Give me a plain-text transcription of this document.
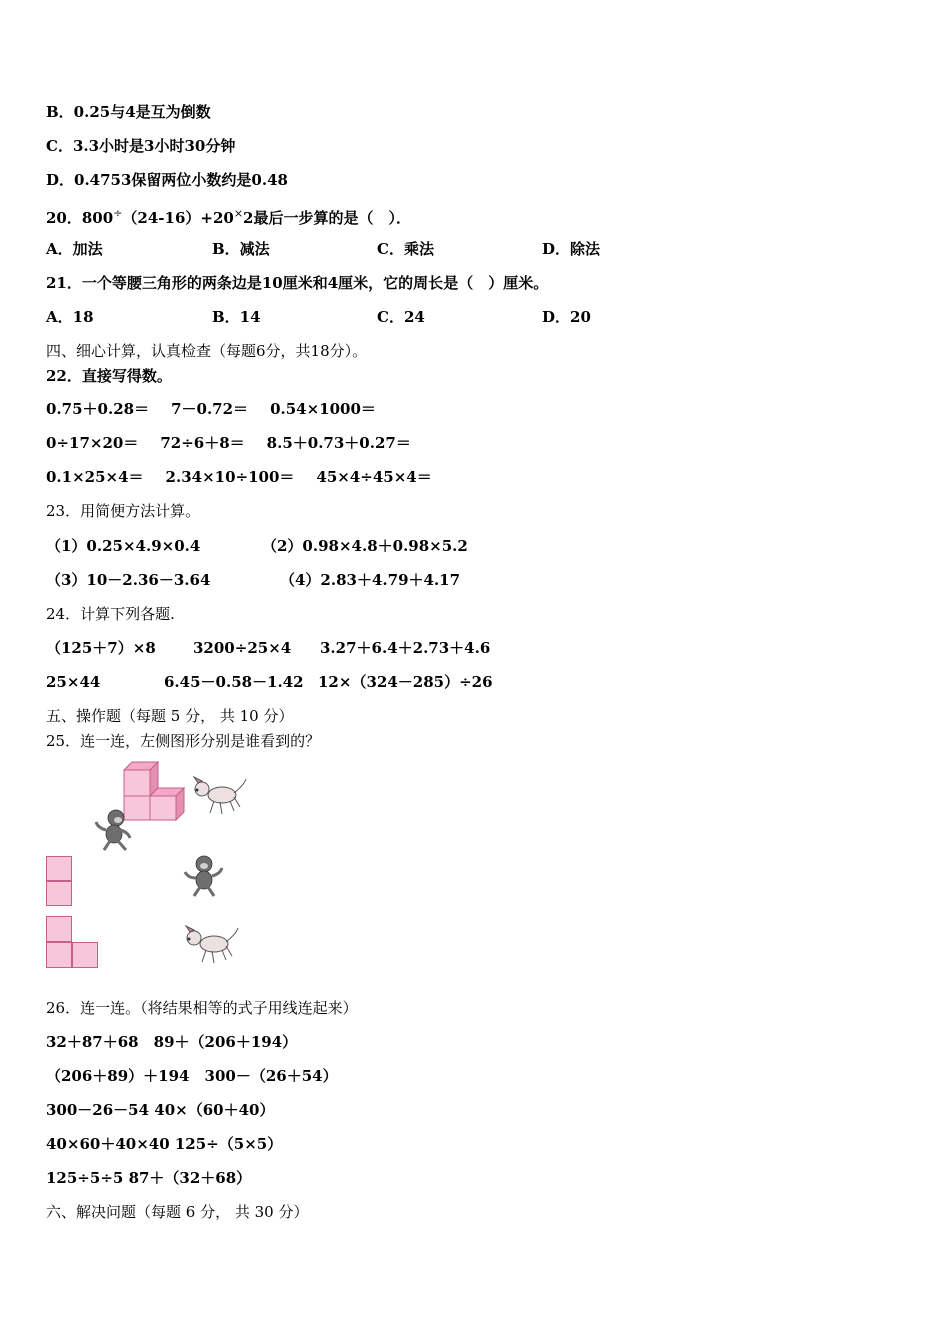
B．0.25与4是互为倒数
C．3.3小时是3小时30分钟
D．0.4753保留两位小数约是0.48
20．800÷（24-16）+20×2最后一步算的是（　）．
A．加法	B．减法	C．乘法	D．除法
21．一个等腰三角形的两条边是10厘米和4厘米，它的周长是（　）厘米。
A．18	B．14	C．24	D．20
四、细心计算，认真检查（每题6分，共18分）。
22．直接写得数。
0.75＋0.28＝ 7－0.72＝ 0.54×1000＝
0÷17×20＝ 72÷6＋8＝ 8.5＋0.73＋0.27＝
0.1×25×4＝ 2.34×10÷100＝ 45×4÷45×4＝
23．用简便方法计算。
（1）0.25×4.9×0.4	（2）0.98×4.8＋0.98×5.2
（3）10－2.36－3.64	（4）2.83＋4.79＋4.17
24．计算下列各题.
（125＋7）×8 3200÷25×4 3.27＋6.4＋2.73＋4.6
25×44	6.45－0.58－1.42 12×（324－285）÷26
五、操作题（每题 5 分， 共 10 分）
25．连一连，左侧图形分别是谁看到的？
26．连一连。（将结果相等的式子用线连起来）
32＋87＋68　 89＋（206＋194）
（206＋89）＋194　 300－（26＋54）
300－26－54 40×（60＋40）
40×60＋40×40 125÷（5×5）
125÷5÷5 87＋（32＋68）
六、解决问题（每题 6 分， 共 30 分）
